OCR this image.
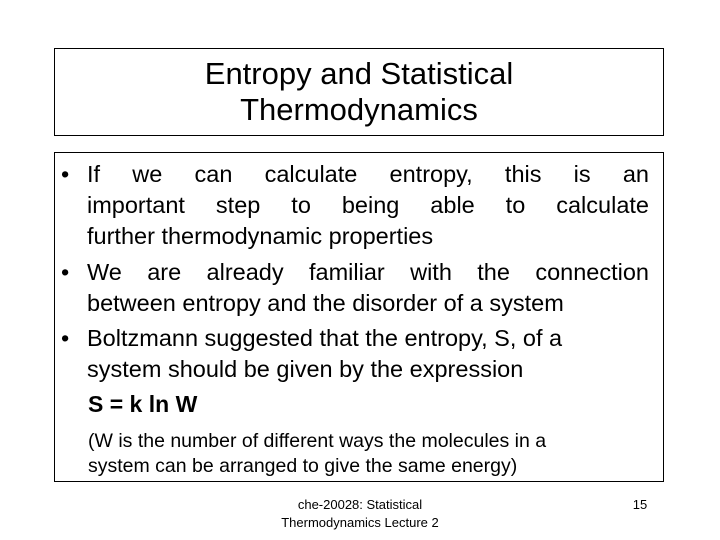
Entropy and Statistical
Thermodynamics
• If we can calculate entropy, this is an
important step to being able to calculate
further thermodynamic properties
• We are already familiar with the connection
between entropy and the disorder of a system
• Boltzmann suggested that the entropy, S, of a
system should be given by the expression
S = k ln W
(W is the number of different ways the molecules in a
system can be arranged to give the same energy)
che-20028: Statistical
Thermodynamics Lecture 2
15
